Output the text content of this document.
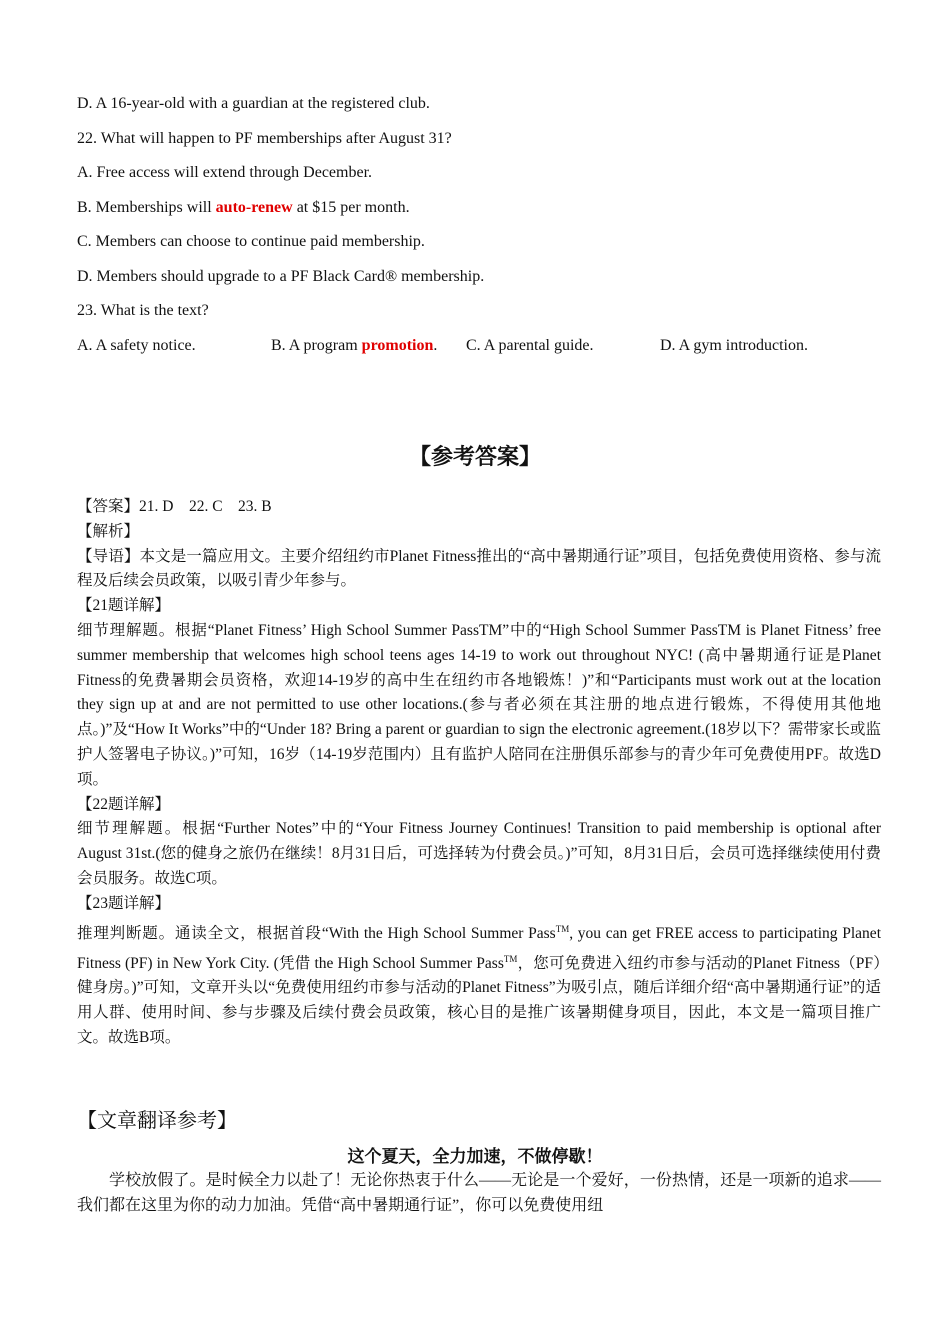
D. A 16-year-old with a guardian at the registered club.
22. What will happen to PF memberships after August 31?
A. Free access will extend through December.
B. Memberships will auto-renew at $15 per month.
C. Members can choose to continue paid membership.
D. Members should upgrade to a PF Black Card® membership.
23. What is the text?
A. A safety notice.	B. A program promotion. C. A parental guide.	D. A gym introduction.
【参考答案】

【答案】21. D    22. C    23. B

【解析】

【导语】本文是一篇应用文。主要介绍纽约市Planet Fitness推出的“高中暑期通行证”项目，包括免费使用资格、参与流程及后续会员政策，以吸引青少年参与。

【21题详解】

细节理解题。根据“Planet Fitness’ High School Summer PassTM”中的“High School Summer PassTM is Planet Fitness’ free summer membership that welcomes high school teens ages 14-19 to work out throughout NYC! (高中暑期通行证是Planet Fitness的免费暑期会员资格，欢迎14-19岁的高中生在纽约市各地锻炼！)”和“Participants must work out at the location they sign up at and are not permitted to use other locations.(参与者必须在其注册的地点进行锻炼，不得使用其他地点。)”及“How It Works”中的“Under 18? Bring a parent or guardian to sign the electronic agreement.(18岁以下？需带家长或监护人签署电子协议。)”可知，16岁（14-19岁范围内）且有监护人陪同在注册俱乐部参与的青少年可免费使用PF。故选D项。

【22题详解】

细节理解题。根据“Further Notes”中的“Your Fitness Journey Continues! Transition to paid membership is optional after August 31st.(您的健身之旅仍在继续！8月31日后，可选择转为付费会员。)”可知，8月31日后，会员可选择继续使用付费会员服务。故选C项。

【23题详解】

推理判断题。通读全文，根据首段“With the High School Summer Pass™, you can get FREE access to participating Planet Fitness (PF) in New York City. (凭借 the High School Summer Pass™，您可免费进入纽约市参与活动的Planet Fitness（PF）健身房。)”可知，文章开头以“免费使用纽约市参与活动的Planet Fitness”为吸引点，随后详细介绍“高中暑期通行证”的适用人群、使用时间、参与步骤及后续付费会员政策，核心目的是推广该暑期健身项目，因此，本文是一篇项目推广文。故选B项。

【文章翻译参考】
这个夏天，全力加速，不做停歇！
学校放假了。是时候全力以赴了！无论你热衷于什么——无论是一个爱好，一份热情，还是一项新的追求——我们都在这里为你的动力加油。凭借“高中暑期通行证”，你可以免费使用纽
